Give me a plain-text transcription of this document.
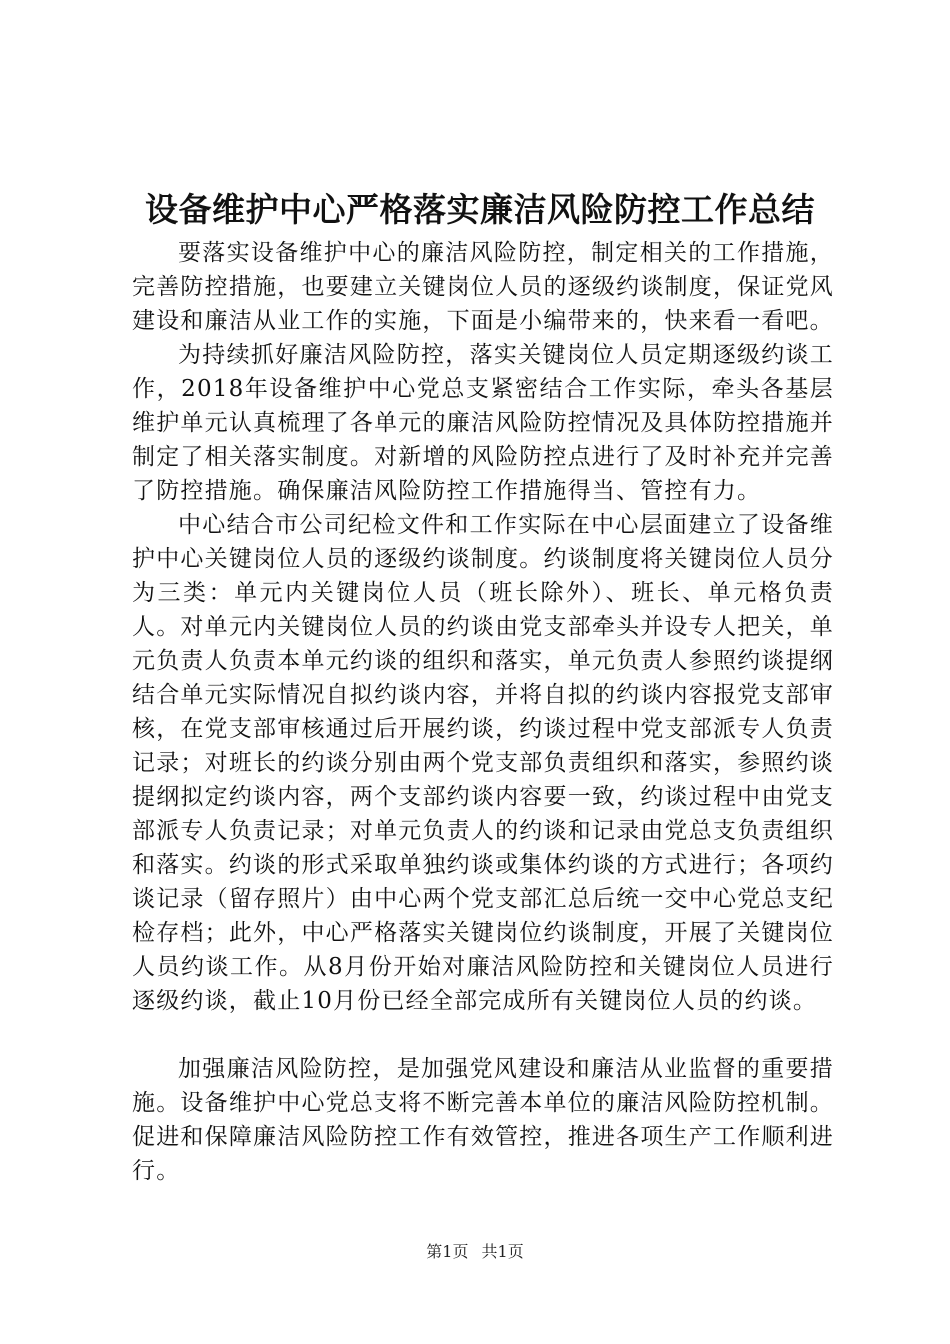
设备维护中心严格落实廉洁风险防控工作总结

要落实设备维护中心的廉洁风险防控，制定相关的工作措施，完善防控措施，也要建立关键岗位人员的逐级约谈制度，保证党风建设和廉洁从业工作的实施，下面是小编带来的，快来看一看吧。

为持续抓好廉洁风险防控，落实关键岗位人员定期逐级约谈工作，2018年设备维护中心党总支紧密结合工作实际，牵头各基层维护单元认真梳理了各单元的廉洁风险防控情况及具体防控措施并制定了相关落实制度。对新增的风险防控点进行了及时补充并完善了防控措施。确保廉洁风险防控工作措施得当、管控有力。

中心结合市公司纪检文件和工作实际在中心层面建立了设备维护中心关键岗位人员的逐级约谈制度。约谈制度将关键岗位人员分为三类：单元内关键岗位人员（班长除外）、班长、单元格负责人。对单元内关键岗位人员的约谈由党支部牵头并设专人把关，单元负责人负责本单元约谈的组织和落实，单元负责人参照约谈提纲结合单元实际情况自拟约谈内容，并将自拟的约谈内容报党支部审核，在党支部审核通过后开展约谈，约谈过程中党支部派专人负责记录；对班长的约谈分别由两个党支部负责组织和落实，参照约谈提纲拟定约谈内容，两个支部约谈内容要一致，约谈过程中由党支部派专人负责记录；对单元负责人的约谈和记录由党总支负责组织和落实。约谈的形式采取单独约谈或集体约谈的方式进行；各项约谈记录（留存照片）由中心两个党支部汇总后统一交中心党总支纪检存档；此外，中心严格落实关键岗位约谈制度，开展了关键岗位人员约谈工作。从8月份开始对廉洁风险防控和关键岗位人员进行逐级约谈，截止10月份已经全部完成所有关键岗位人员的约谈。

加强廉洁风险防控，是加强党风建设和廉洁从业监督的重要措施。设备维护中心党总支将不断完善本单位的廉洁风险防控机制。促进和保障廉洁风险防控工作有效管控，推进各项生产工作顺利进行。

第1页 共1页
